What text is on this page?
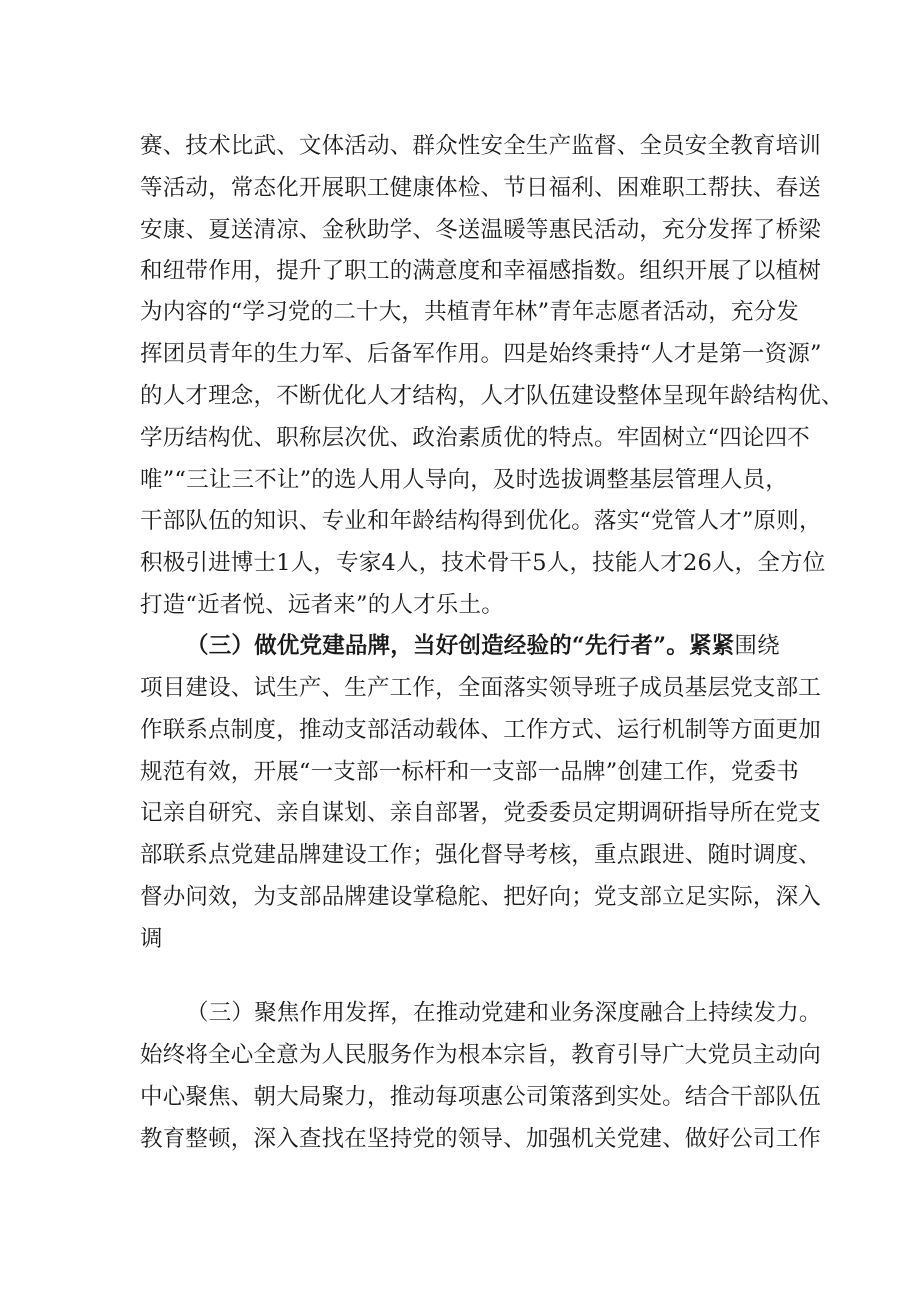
赛、技术比武、文体活动、群众性安全生产监督、全员安全教育培训
等活动，常态化开展职工健康体检、节日福利、困难职工帮扶、春送
安康、夏送清凉、金秋助学、冬送温暖等惠民活动，充分发挥了桥梁
和纽带作用，提升了职工的满意度和幸福感指数。组织开展了以植树
为内容的“学习党的二十大，共植青年林”青年志愿者活动，充分发
挥团员青年的生力军、后备军作用。四是始终秉持“人才是第一资源”
的人才理念，不断优化人才结构，人才队伍建设整体呈现年龄结构优、
学历结构优、职称层次优、政治素质优的特点。牢固树立“四论四不
唯”“三让三不让”的选人用人导向，及时选拔调整基层管理人员，
干部队伍的知识、专业和年龄结构得到优化。落实“党管人才”原则，
积极引进博士1人，专家4人，技术骨干5人，技能人才26人，全方位
打造“近者悦、远者来”的人才乐土。
（三）做优党建品牌，当好创造经验的“先行者”。紧紧围绕
项目建设、试生产、生产工作，全面落实领导班子成员基层党支部工
作联系点制度，推动支部活动载体、工作方式、运行机制等方面更加
规范有效，开展“一支部一标杆和一支部一品牌”创建工作，党委书
记亲自研究、亲自谋划、亲自部署，党委委员定期调研指导所在党支
部联系点党建品牌建设工作；强化督导考核，重点跟进、随时调度、
督办问效，为支部品牌建设掌稳舵、把好向；党支部立足实际，深入
调
（三）聚焦作用发挥，在推动党建和业务深度融合上持续发力。
始终将全心全意为人民服务作为根本宗旨，教育引导广大党员主动向
中心聚焦、朝大局聚力，推动每项惠公司策落到实处。结合干部队伍
教育整顿，深入查找在坚持党的领导、加强机关党建、做好公司工作
